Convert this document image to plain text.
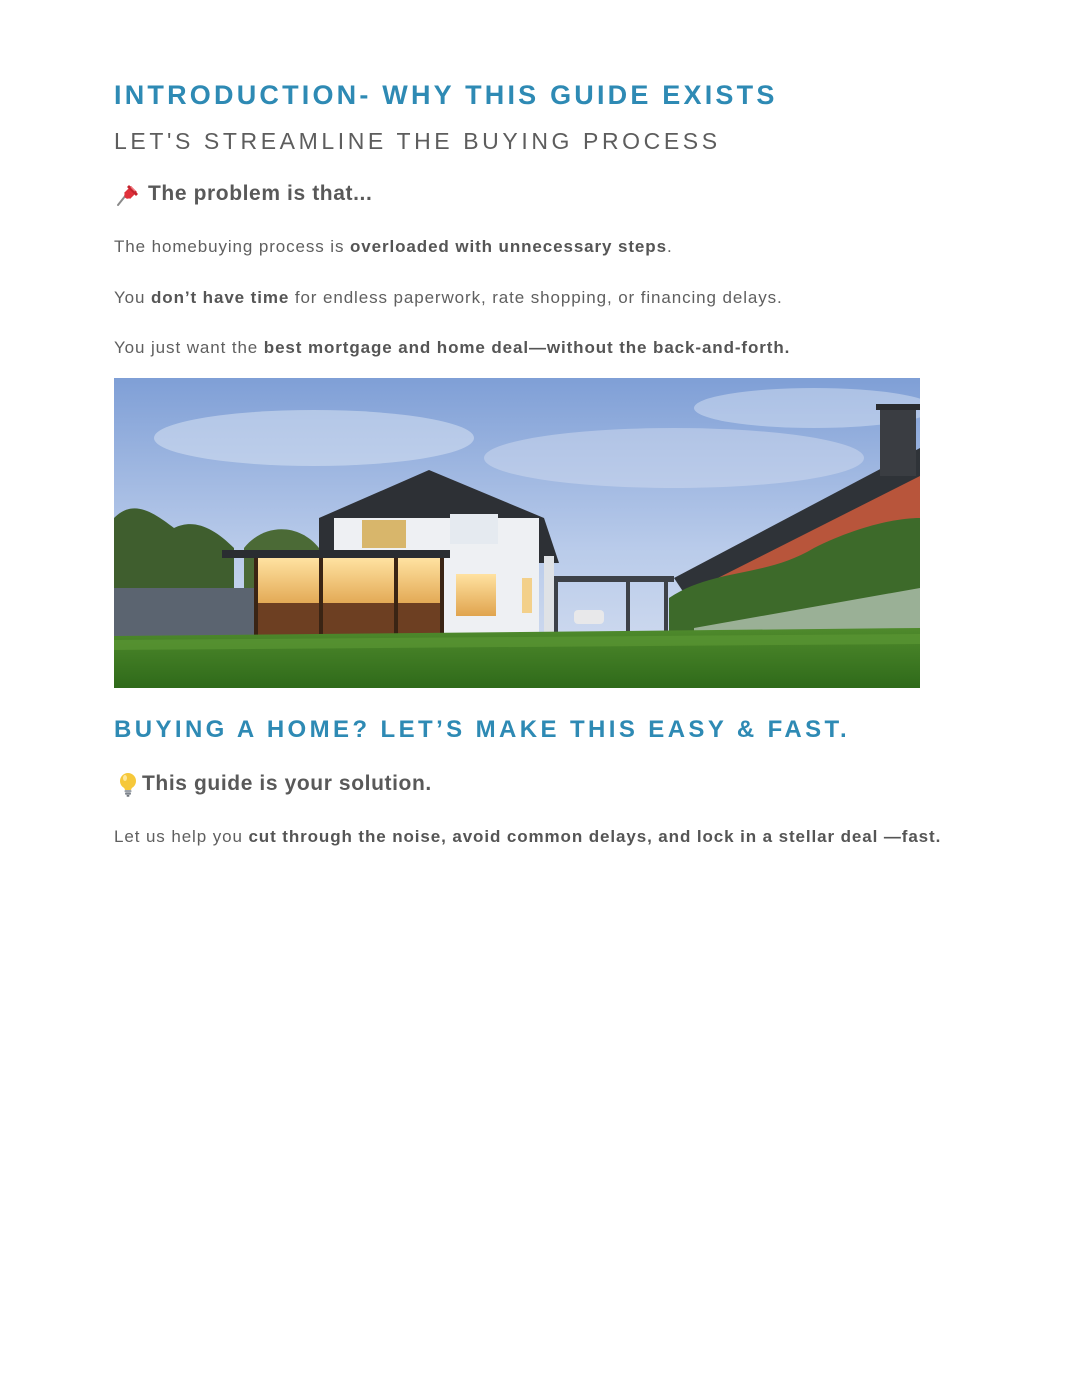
INTRODUCTION- WHY THIS GUIDE EXISTS
LET'S STREAMLINE THE BUYING PROCESS
The problem is that...

The homebuying process is overloaded with unnecessary steps.

You don’t have time for endless paperwork, rate shopping, or financing delays.

You just want the best mortgage and home deal—without the back-and-forth.

BUYING A HOME? LET’S MAKE THIS EASY & FAST.
This guide is your solution.

Let us help you cut through the noise, avoid common delays, and lock in a stellar deal —fast.
